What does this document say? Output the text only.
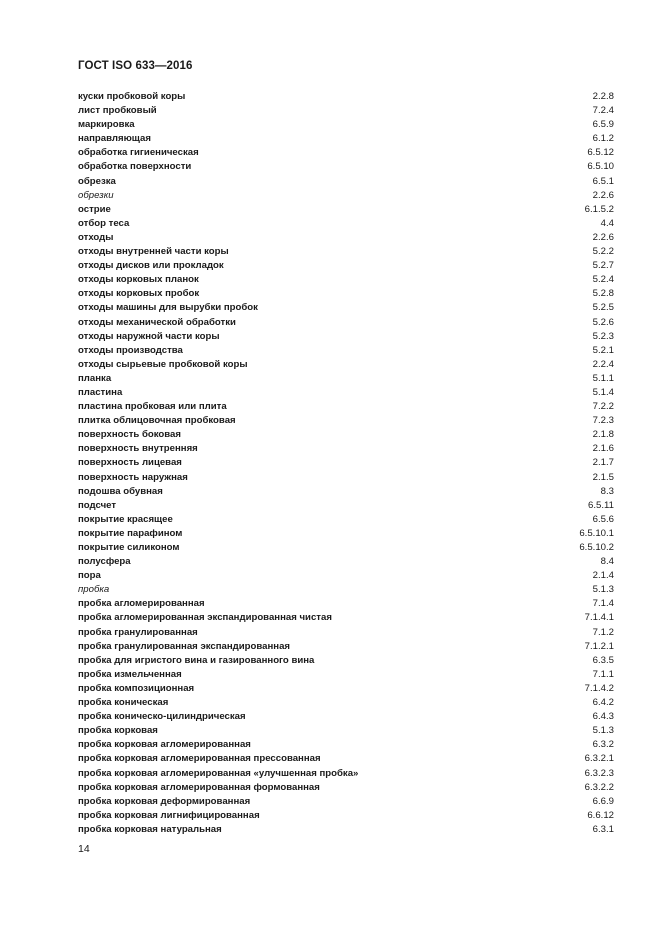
ГОСТ ISO 633—2016
куски пробковой коры	2.2.8
лист пробковый	7.2.4
маркировка	6.5.9
направляющая	6.1.2
обработка гигиеническая	6.5.12
обработка поверхности	6.5.10
обрезка	6.5.1
обрезки	2.2.6
острие	6.1.5.2
отбор теса	4.4
отходы	2.2.6
отходы внутренней части коры	5.2.2
отходы дисков или прокладок	5.2.7
отходы корковых планок	5.2.4
отходы корковых пробок	5.2.8
отходы машины для вырубки пробок	5.2.5
отходы механической обработки	5.2.6
отходы наружной части коры	5.2.3
отходы производства	5.2.1
отходы сырьевые пробковой коры	2.2.4
планка	5.1.1
пластина	5.1.4
пластина пробковая или плита	7.2.2
плитка облицовочная пробковая	7.2.3
поверхность боковая	2.1.8
поверхность внутренняя	2.1.6
поверхность лицевая	2.1.7
поверхность наружная	2.1.5
подошва обувная	8.3
подсчет	6.5.11
покрытие красящее	6.5.6
покрытие парафином	6.5.10.1
покрытие силиконом	6.5.10.2
полусфера	8.4
пора	2.1.4
пробка	5.1.3
пробка агломерированная	7.1.4
пробка агломерированная экспандированная чистая	7.1.4.1
пробка гранулированная	7.1.2
пробка гранулированная экспандированная	7.1.2.1
пробка для игристого вина и газированного вина	6.3.5
пробка измельченная	7.1.1
пробка композиционная	7.1.4.2
пробка коническая	6.4.2
пробка коническо-цилиндрическая	6.4.3
пробка корковая	5.1.3
пробка корковая агломерированная	6.3.2
пробка корковая агломерированная прессованная	6.3.2.1
пробка корковая агломерированная «улучшенная пробка»	6.3.2.3
пробка корковая агломерированная формованная	6.3.2.2
пробка корковая деформированная	6.6.9
пробка корковая лигнифицированная	6.6.12
пробка корковая натуральная	6.3.1
14
